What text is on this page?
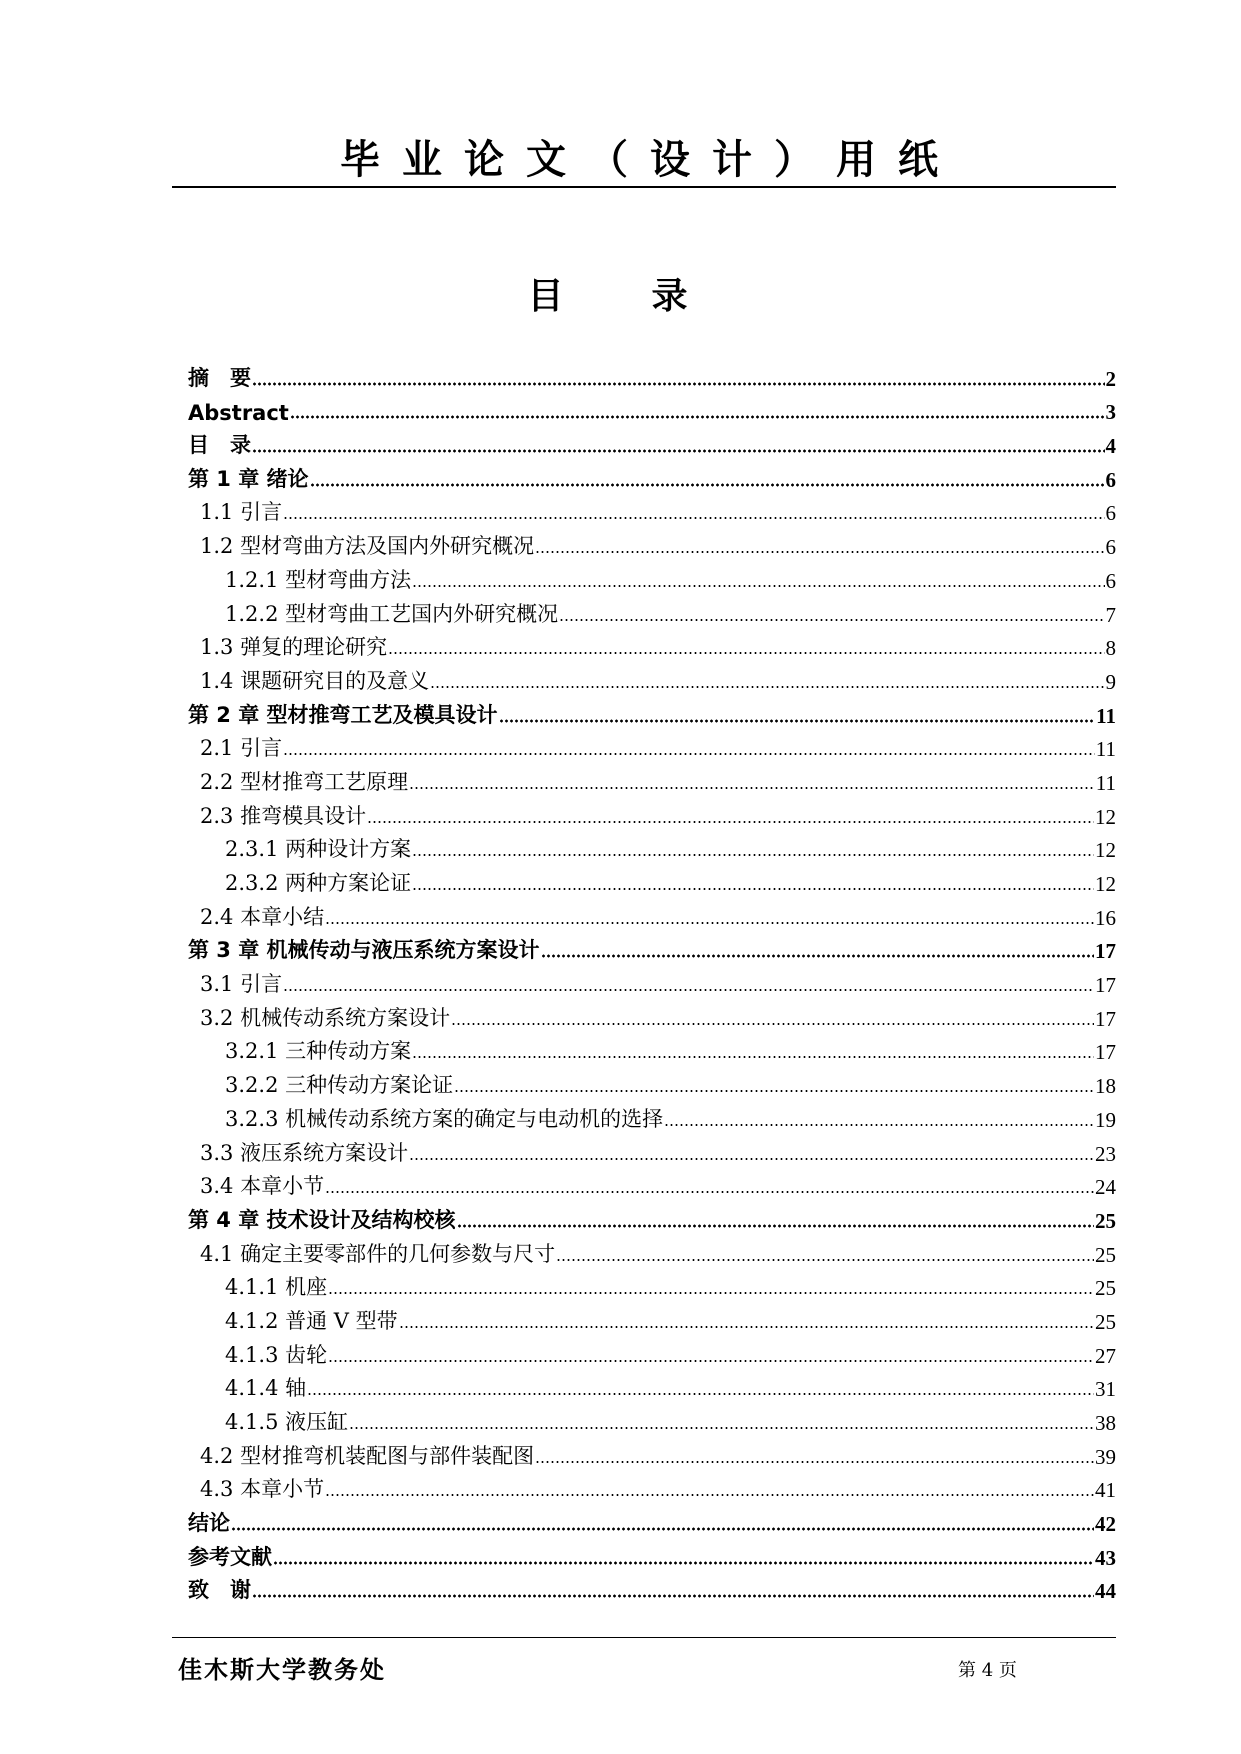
毕业论文（设计）用纸
目　录
摘　要	2
Abstract	3
目　录	4
第 1 章 绪论	6
1.1 引言	6
1.2 型材弯曲方法及国内外研究概况	6
1.2.1 型材弯曲方法	6
1.2.2 型材弯曲工艺国内外研究概况	7
1.3 弹复的理论研究	8
1.4 课题研究目的及意义	9
第 2 章 型材推弯工艺及模具设计	11
2.1 引言	11
2.2 型材推弯工艺原理	11
2.3 推弯模具设计	12
2.3.1 两种设计方案	12
2.3.2 两种方案论证	12
2.4 本章小结	16
第 3 章 机械传动与液压系统方案设计	17
3.1 引言	17
3.2 机械传动系统方案设计	17
3.2.1 三种传动方案	17
3.2.2 三种传动方案论证	18
3.2.3 机械传动系统方案的确定与电动机的选择	19
3.3 液压系统方案设计	23
3.4 本章小节	24
第 4 章 技术设计及结构校核	25
4.1 确定主要零部件的几何参数与尺寸	25
4.1.1 机座	25
4.1.2 普通 V 型带	25
4.1.3 齿轮	27
4.1.4 轴	31
4.1.5 液压缸	38
4.2 型材推弯机装配图与部件装配图	39
4.3 本章小节	41
结论	42
参考文献	43
致　谢	44
佳木斯大学教务处	第 4 页
